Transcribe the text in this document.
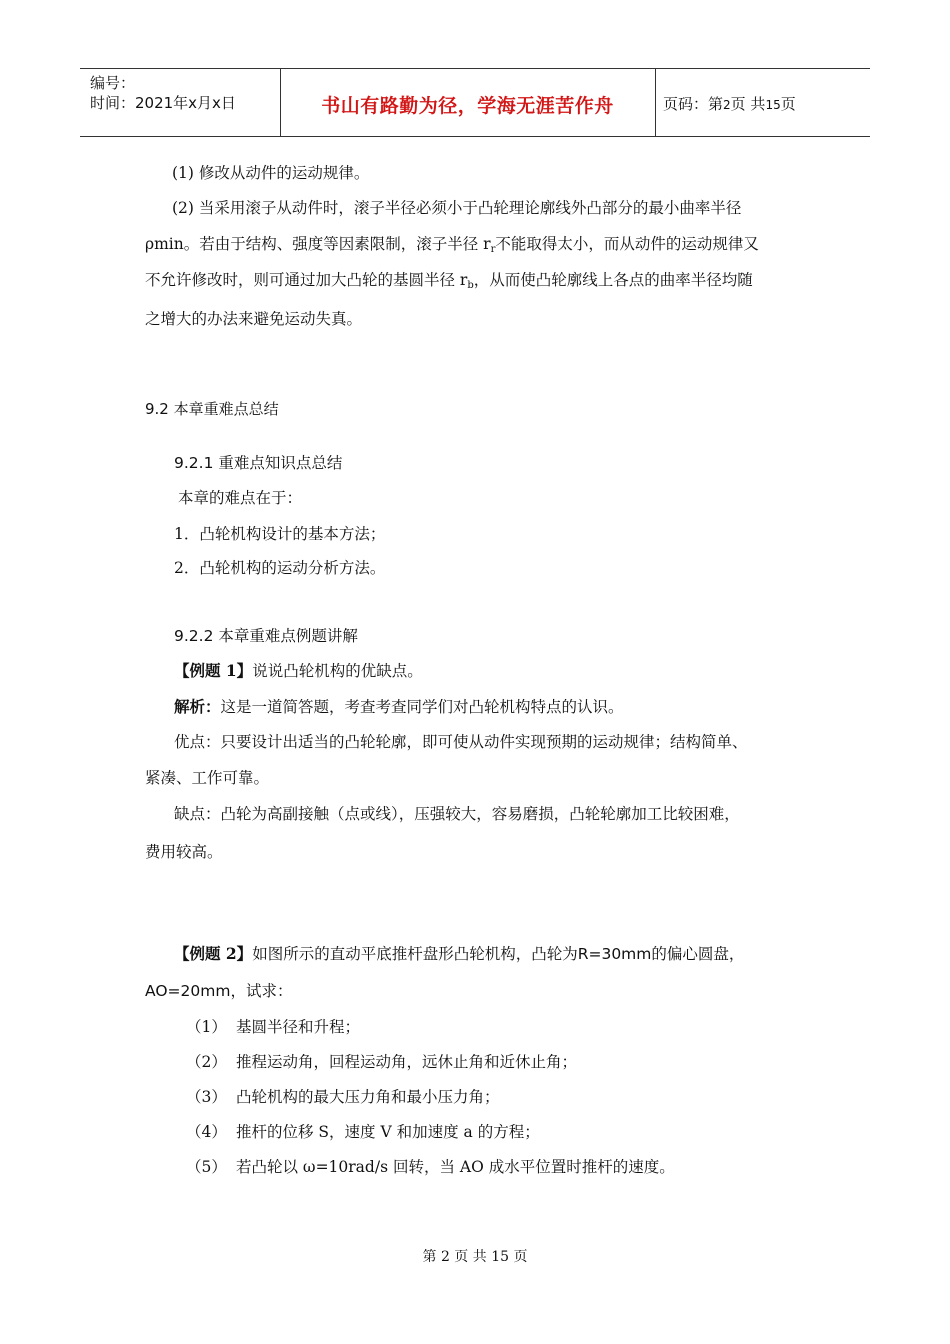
编号：
时间：2021年x月x日	书山有路勤为径，学海无涯苦作舟	页码：第2页 共15页
(1) 修改从动件的运动规律。
(2) 当采用滚子从动件时，滚子半径必须小于凸轮理论廓线外凸部分的最小曲率半径
ρmin。若由于结构、强度等因素限制，滚子半径 $r_r$不能取得太小，而从动件的运动规律又
不允许修改时，则可通过加大凸轮的基圆半径 $r_b$，从而使凸轮廓线上各点的曲率半径均随
之增大的办法来避免运动失真。
9.2 本章重难点总结
9.2.1 重难点知识点总结
本章的难点在于：
1．凸轮机构设计的基本方法；
2．凸轮机构的运动分析方法。
9.2.2 本章重难点例题讲解
【例题 1】说说凸轮机构的优缺点。
解析：这是一道简答题，考查考查同学们对凸轮机构特点的认识。
优点：只要设计出适当的凸轮轮廓，即可使从动件实现预期的运动规律；结构简单、
紧凑、工作可靠。
缺点：凸轮为高副接触（点或线），压强较大，容易磨损，凸轮轮廓加工比较困难，
费用较高。
【例题 2】如图所示的直动平底推杆盘形凸轮机构，凸轮为R=30mm的偏心圆盘，
AO=20mm，试求：
（1） 基圆半径和升程；
（2） 推程运动角，回程运动角，远休止角和近休止角；
（3） 凸轮机构的最大压力角和最小压力角；
（4） 推杆的位移 S，速度 V 和加速度 a 的方程；
（5） 若凸轮以 ω=10rad/s 回转，当 AO 成水平位置时推杆的速度。
第 2 页 共 15 页
